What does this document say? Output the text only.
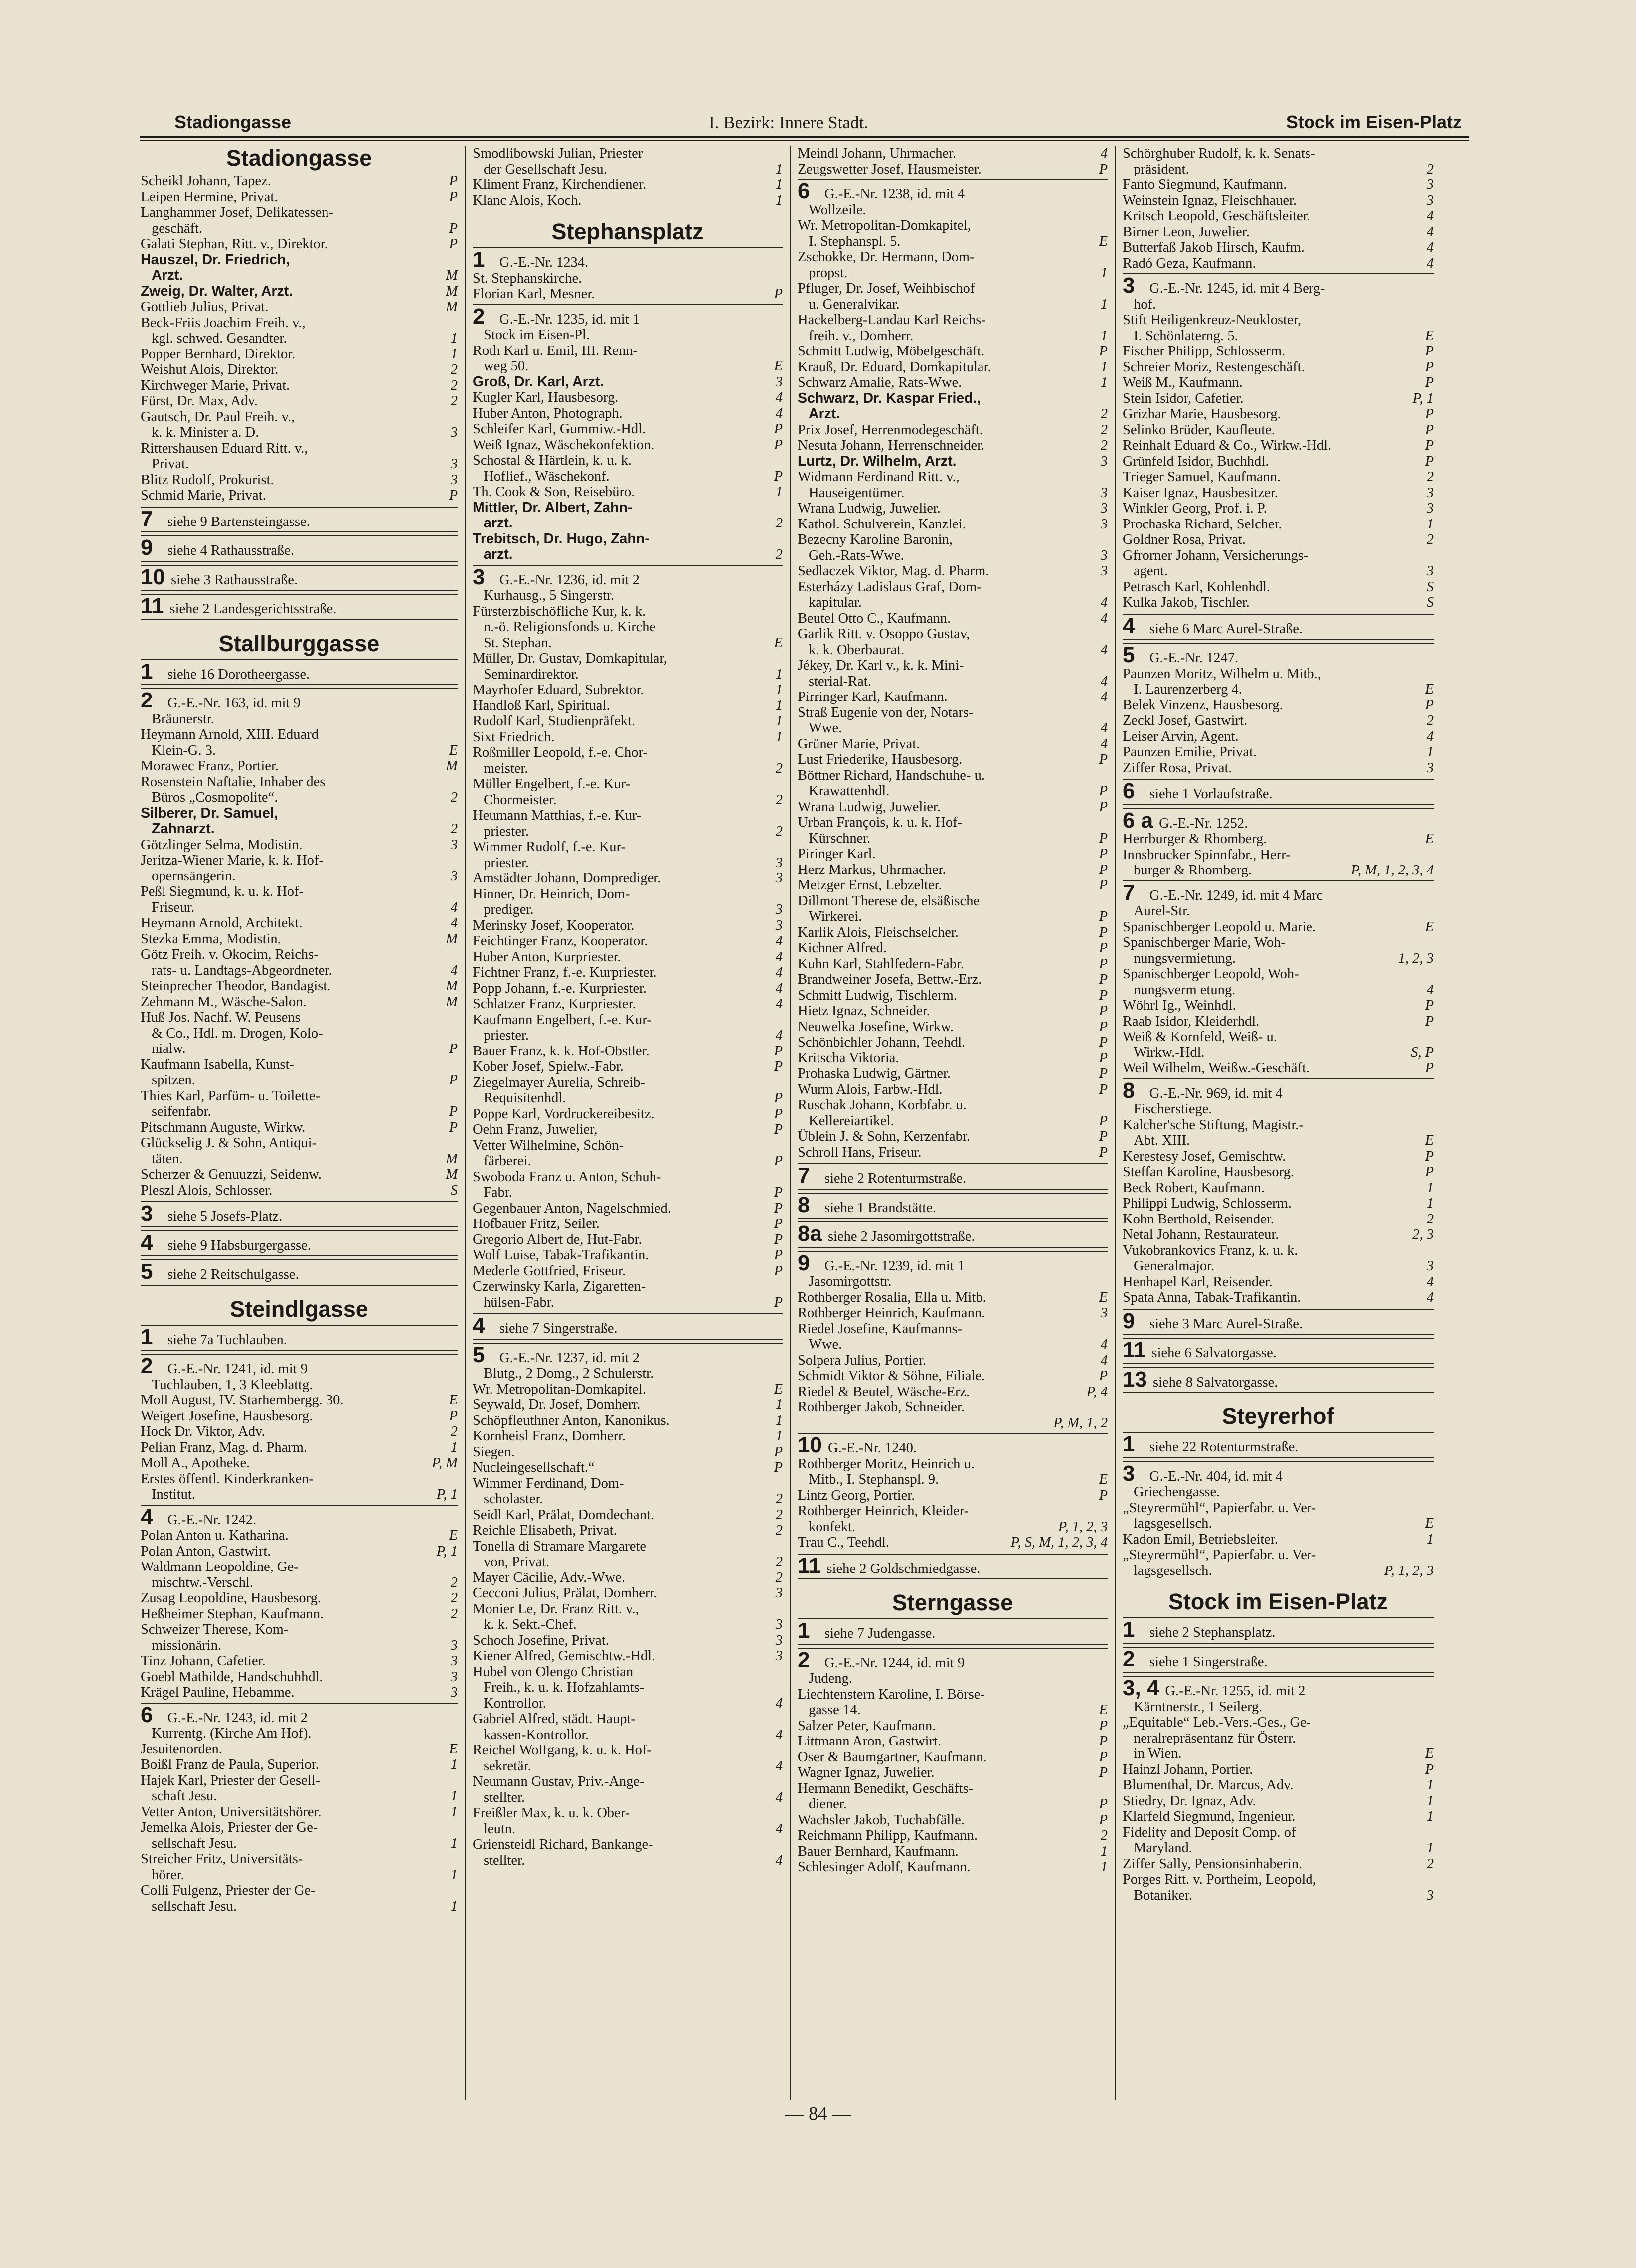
Stadiongasse	I. Bezirk: Innere Stadt.	Stock im Eisen-Platz
Stadiongasse
Scheikl Johann, Tapez.	P
Leipen Hermine, Privat.	P
Langhammer Josef, Delikatessen-
geschäft.	P
Galati Stephan, Ritt. v., Direktor.	P
Hauszel, Dr. Friedrich,
Arzt.	M
Zweig, Dr. Walter, Arzt.	M
Gottlieb Julius, Privat.	M
Beck-Friis Joachim Freih. v.,
kgl. schwed. Gesandter.	1
Popper Bernhard, Direktor.	1
Weishut Alois, Direktor.	2
Kirchweger Marie, Privat.	2
Fürst, Dr. Max, Adv.	2
Gautsch, Dr. Paul Freih. v.,
k. k. Minister a. D.	3
Rittershausen Eduard Ritt. v.,
Privat.	3
Blitz Rudolf, Prokurist.	3
Schmid Marie, Privat.	P
7	siehe 9 Bartensteingasse.
9	siehe 4 Rathausstraße.
10 siehe 3 Rathausstraße.
11 siehe 2 Landesgerichtsstraße.
Stallburggasse
1	siehe 16 Dorotheergasse.
2	G.-E.-Nr. 163, id. mit 9
Bräunerstr.
Heymann Arnold, XIII. Eduard
Klein-G. 3.	E
Morawec Franz, Portier.	M
Rosenstein Naftalie, Inhaber des
Büros „Cosmopolite“.	2
Silberer, Dr. Samuel,
Zahnarzt.	2
Götzlinger Selma, Modistin.	3
Jeritza-Wiener Marie, k. k. Hof-
opernsängerin.	3
Peßl Siegmund, k. u. k. Hof-
Friseur.	4
Heymann Arnold, Architekt.	4
Stezka Emma, Modistin.	M
Götz Freih. v. Okocim, Reichs-
rats- u. Landtags-Abgeordneter.	4
Steinprecher Theodor, Bandagist.	M
Zehmann M., Wäsche-Salon.	M
Huß Jos. Nachf. W. Peusens
& Co., Hdl. m. Drogen, Kolo-
nialw.	P
Kaufmann Isabella, Kunst-
spitzen.	P
Thies Karl, Parfüm- u. Toilette-
seifenfabr.	P
Pitschmann Auguste, Wirkw.	P
Glückselig J. & Sohn, Antiqui-
täten.	M
Scherzer & Genuuzzi, Seidenw.	M
Pleszl Alois, Schlosser.	S
3	siehe 5 Josefs-Platz.
4	siehe 9 Habsburgergasse.
5	siehe 2 Reitschulgasse.
Steindlgasse
1	siehe 7a Tuchlauben.
2	G.-E.-Nr. 1241, id. mit 9
Tuchlauben, 1, 3 Kleeblattg.
Moll August, IV. Starhembergg. 30.	E
Weigert Josefine, Hausbesorg.	P
Hock Dr. Viktor, Adv.	2
Pelian Franz, Mag. d. Pharm.	1
Moll A., Apotheke.	P, M
Erstes öffentl. Kinderkranken-
Institut.	P, 1
4	G.-E.-Nr. 1242.
Polan Anton u. Katharina.	E
Polan Anton, Gastwirt.	P, 1
Waldmann Leopoldine, Ge-
mischtw.-Verschl.	2
Zusag Leopoldine, Hausbesorg.	2
Heßheimer Stephan, Kaufmann.	2
Schweizer Therese, Kom-
missionärin.	3
Tinz Johann, Cafetier.	3
Goebl Mathilde, Handschuhhdl.	3
Krägel Pauline, Hebamme.	3
6	G.-E.-Nr. 1243, id. mit 2
Kurrentg. (Kirche Am Hof).
Jesuitenorden.	E
Boißl Franz de Paula, Superior.	1
Hajek Karl, Priester der Gesell-
schaft Jesu.	1
Vetter Anton, Universitätshörer.	1
Jemelka Alois, Priester der Ge-
sellschaft Jesu.	1
Streicher Fritz, Universitäts-
hörer.	1
Colli Fulgenz, Priester der Ge-
sellschaft Jesu.	1
Smodlibowski Julian, Priester
der Gesellschaft Jesu.	1
Kliment Franz, Kirchendiener.	1
Klanc Alois, Koch.	1
Stephansplatz
1	G.-E.-Nr. 1234.
St. Stephanskirche.
Florian Karl, Mesner.	P
2	G.-E.-Nr. 1235, id. mit 1
Stock im Eisen-Pl.
Roth Karl u. Emil, III. Renn-
weg 50.	E
Groß, Dr. Karl, Arzt.	3
Kugler Karl, Hausbesorg.	4
Huber Anton, Photograph.	4
Schleifer Karl, Gummiw.-Hdl.	P
Weiß Ignaz, Wäschekonfektion.	P
Schostal & Härtlein, k. u. k.
Hoflief., Wäschekonf.	P
Th. Cook & Son, Reisebüro.	1
Mittler, Dr. Albert, Zahn-
arzt.	2
Trebitsch, Dr. Hugo, Zahn-
arzt.	2
3	G.-E.-Nr. 1236, id. mit 2
Kurhausg., 5 Singerstr.
Fürsterzbischöfliche Kur, k. k.
n.-ö. Religionsfonds u. Kirche
St. Stephan.	E
Müller, Dr. Gustav, Domkapitular,
Seminardirektor.	1
Mayrhofer Eduard, Subrektor.	1
Handloß Karl, Spiritual.	1
Rudolf Karl, Studienpräfekt.	1
Sixt Friedrich.	1
Roßmiller Leopold, f.-e. Chor-
meister.	2
Müller Engelbert, f.-e. Kur-
Chormeister.	2
Heumann Matthias, f.-e. Kur-
priester.	2
Wimmer Rudolf, f.-e. Kur-
priester.	3
Amstädter Johann, Domprediger.	3
Hinner, Dr. Heinrich, Dom-
prediger.	3
Merinsky Josef, Kooperator.	3
Feichtinger Franz, Kooperator.	4
Huber Anton, Kurpriester.	4
Fichtner Franz, f.-e. Kurpriester.	4
Popp Johann, f.-e. Kurpriester.	4
Schlatzer Franz, Kurpriester.	4
Kaufmann Engelbert, f.-e. Kur-
priester.	4
Bauer Franz, k. k. Hof-Obstler.	P
Kober Josef, Spielw.-Fabr.	P
Ziegelmayer Aurelia, Schreib-
Requisitenhdl.	P
Poppe Karl, Vordruckereibesitz.	P
Oehn Franz, Juwelier,	P
Vetter Wilhelmine, Schön-
färberei.	P
Swoboda Franz u. Anton, Schuh-
Fabr.	P
Gegenbauer Anton, Nagelschmied.	P
Hofbauer Fritz, Seiler.	P
Gregorio Albert de, Hut-Fabr.	P
Wolf Luise, Tabak-Trafikantin.	P
Mederle Gottfried, Friseur.	P
Czerwinsky Karla, Zigaretten-
hülsen-Fabr.	P
4	siehe 7 Singerstraße.
5	G.-E.-Nr. 1237, id. mit 2
Blutg., 2 Domg., 2 Schulerstr.
Wr. Metropolitan-Domkapitel.	E
Seywald, Dr. Josef, Domherr.	1
Schöpfleuthner Anton, Kanonikus.	1
Kornheisl Franz, Domherr.	1
Siegen.	P
Nucleingesellschaft.“	P
Wimmer Ferdinand, Dom-
scholaster.	2
Seidl Karl, Prälat, Domdechant.	2
Reichle Elisabeth, Privat.	2
Tonella di Stramare Margarete
von, Privat.	2
Mayer Cäcilie, Adv.-Wwe.	2
Cecconi Julius, Prälat, Domherr.	3
Monier Le, Dr. Franz Ritt. v.,
k. k. Sekt.-Chef.	3
Schoch Josefine, Privat.	3
Kiener Alfred, Gemischtw.-Hdl.	3
Hubel von Olengo Christian
Freih., k. u. k. Hofzahlamts-
Kontrollor.	4
Gabriel Alfred, städt. Haupt-
kassen-Kontrollor.	4
Reichel Wolfgang, k. u. k. Hof-
sekretär.	4
Neumann Gustav, Priv.-Ange-
stellter.	4
Freißler Max, k. u. k. Ober-
leutn.	4
Griensteidl Richard, Bankange-
stellter.	4
Meindl Johann, Uhrmacher.	4
Zeugswetter Josef, Hausmeister.	P
6	G.-E.-Nr. 1238, id. mit 4
Wollzeile.
Wr. Metropolitan-Domkapitel,
I. Stephanspl. 5.	E
Zschokke, Dr. Hermann, Dom-
propst.	1
Pfluger, Dr. Josef, Weihbischof
u. Generalvikar.	1
Hackelberg-Landau Karl Reichs-
freih. v., Domherr.	1
Schmitt Ludwig, Möbelgeschäft.	P
Krauß, Dr. Eduard, Domkapitular.	1
Schwarz Amalie, Rats-Wwe.	1
Schwarz, Dr. Kaspar Fried.,
Arzt.	2
Prix Josef, Herrenmodegeschäft.	2
Nesuta Johann, Herrenschneider.	2
Lurtz, Dr. Wilhelm, Arzt.	3
Widmann Ferdinand Ritt. v.,
Hauseigentümer.	3
Wrana Ludwig, Juwelier.	3
Kathol. Schulverein, Kanzlei.	3
Bezecny Karoline Baronin,
Geh.-Rats-Wwe.	3
Sedlaczek Viktor, Mag. d. Pharm.	3
Esterházy Ladislaus Graf, Dom-
kapitular.	4
Beutel Otto C., Kaufmann.	4
Garlik Ritt. v. Osoppo Gustav,
k. k. Oberbaurat.	4
Jékey, Dr. Karl v., k. k. Mini-
sterial-Rat.	4
Pirringer Karl, Kaufmann.	4
Straß Eugenie von der, Notars-
Wwe.	4
Grüner Marie, Privat.	4
Lust Friederike, Hausbesorg.	P
Böttner Richard, Handschuhe- u.
Krawattenhdl.	P
Wrana Ludwig, Juwelier.	P
Urban François, k. u. k. Hof-
Kürschner.	P
Piringer Karl.	P
Herz Markus, Uhrmacher.	P
Metzger Ernst, Lebzelter.	P
Dillmont Therese de, elsäßische
Wirkerei.	P
Karlik Alois, Fleischselcher.	P
Kichner Alfred.	P
Kuhn Karl, Stahlfedern-Fabr.	P
Brandweiner Josefa, Bettw.-Erz.	P
Schmitt Ludwig, Tischlerm.	P
Hietz Ignaz, Schneider.	P
Neuwelka Josefine, Wirkw.	P
Schönbichler Johann, Teehdl.	P
Kritscha Viktoria.	P
Prohaska Ludwig, Gärtner.	P
Wurm Alois, Farbw.-Hdl.	P
Ruschak Johann, Korbfabr. u.
Kellereiartikel.	P
Üblein J. & Sohn, Kerzenfabr.	P
Schroll Hans, Friseur.	P
7	siehe 2 Rotenturmstraße.
8	siehe 1 Brandstätte.
8a siehe 2 Jasomirgottstraße.
9	G.-E.-Nr. 1239, id. mit 1
Jasomirgottstr.
Rothberger Rosalia, Ella u. Mitb.	E
Rothberger Heinrich, Kaufmann.	3
Riedel Josefine, Kaufmanns-
Wwe.	4
Solpera Julius, Portier.	4
Schmidt Viktor & Söhne, Filiale.	P
Riedel & Beutel, Wäsche-Erz.	P, 4
Rothberger Jakob, Schneider.
P, M, 1, 2
10 G.-E.-Nr. 1240.
Rothberger Moritz, Heinrich u.
Mitb., I. Stephanspl. 9.	E
Lintz Georg, Portier.	P
Rothberger Heinrich, Kleider-
konfekt.	P, 1, 2, 3
Trau C., Teehdl.	P, S, M, 1, 2, 3, 4
11 siehe 2 Goldschmiedgasse.
Sterngasse
1	siehe 7 Judengasse.
2	G.-E.-Nr. 1244, id. mit 9
Judeng.
Liechtenstern Karoline, I. Börse-
gasse 14.	E
Salzer Peter, Kaufmann.	P
Littmann Aron, Gastwirt.	P
Oser & Baumgartner, Kaufmann.	P
Wagner Ignaz, Juwelier.	P
Hermann Benedikt, Geschäfts-
diener.	P
Wachsler Jakob, Tuchabfälle.	P
Reichmann Philipp, Kaufmann.	2
Bauer Bernhard, Kaufmann.	1
Schlesinger Adolf, Kaufmann.	1
Schörghuber Rudolf, k. k. Senats-
präsident.	2
Fanto Siegmund, Kaufmann.	3
Weinstein Ignaz, Fleischhauer.	3
Kritsch Leopold, Geschäftsleiter.	4
Birner Leon, Juwelier.	4
Butterfaß Jakob Hirsch, Kaufm.	4
Radó Geza, Kaufmann.	4
3	G.-E.-Nr. 1245, id. mit 4 Berg-
hof.
Stift Heiligenkreuz-Neukloster,
I. Schönlaterng. 5.	E
Fischer Philipp, Schlosserm.	P
Schreier Moriz, Restengeschäft.	P
Weiß M., Kaufmann.	P
Stein Isidor, Cafetier.	P, 1
Grizhar Marie, Hausbesorg.	P
Selinko Brüder, Kaufleute.	P
Reinhalt Eduard & Co., Wirkw.-Hdl.	P
Grünfeld Isidor, Buchhdl.	P
Trieger Samuel, Kaufmann.	2
Kaiser Ignaz, Hausbesitzer.	3
Winkler Georg, Prof. i. P.	3
Prochaska Richard, Selcher.	1
Goldner Rosa, Privat.	2
Gfrorner Johann, Versicherungs-
agent.	3
Petrasch Karl, Kohlenhdl.	S
Kulka Jakob, Tischler.	S
4	siehe 6 Marc Aurel-Straße.
5	G.-E.-Nr. 1247.
Paunzen Moritz, Wilhelm u. Mitb.,
I. Laurenzerberg 4.	E
Belek Vinzenz, Hausbesorg.	P
Zeckl Josef, Gastwirt.	2
Leiser Arvin, Agent.	4
Paunzen Emilie, Privat.	1
Ziffer Rosa, Privat.	3
6	siehe 1 Vorlaufstraße.
6 a G.-E.-Nr. 1252.
Herrburger & Rhomberg.	E
Innsbrucker Spinnfabr., Herr-
burger & Rhomberg.	P, M, 1, 2, 3, 4
7	G.-E.-Nr. 1249, id. mit 4 Marc
Aurel-Str.
Spanischberger Leopold u. Marie.	E
Spanischberger Marie, Woh-
nungsvermietung.	1, 2, 3
Spanischberger Leopold, Woh-
nungsverm etung.	4
Wöhrl Ig., Weinhdl.	P
Raab Isidor, Kleiderhdl.	P
Weiß & Kornfeld, Weiß- u.
Wirkw.-Hdl.	S, P
Weil Wilhelm, Weißw.-Geschäft.	P
8	G.-E.-Nr. 969, id. mit 4
Fischerstiege.
Kalcher'sche Stiftung, Magistr.-
Abt. XIII.	E
Kerestesy Josef, Gemischtw.	P
Steffan Karoline, Hausbesorg.	P
Beck Robert, Kaufmann.	1
Philippi Ludwig, Schlosserm.	1
Kohn Berthold, Reisender.	2
Netal Johann, Restaurateur.	2, 3
Vukobrankovics Franz, k. u. k.
Generalmajor.	3
Henhapel Karl, Reisender.	4
Spata Anna, Tabak-Trafikantin.	4
9	siehe 3 Marc Aurel-Straße.
11 siehe 6 Salvatorgasse.
13 siehe 8 Salvatorgasse.
Steyrerhof
1	siehe 22 Rotenturmstraße.
3	G.-E.-Nr. 404, id. mit 4
Griechengasse.
„Steyrermühl“, Papierfabr. u. Ver-
lagsgesellsch.	E
Kadon Emil, Betriebsleiter.	1
„Steyrermühl“, Papierfabr. u. Ver-
lagsgesellsch.	P, 1, 2, 3
Stock im Eisen-Platz
1	siehe 2 Stephansplatz.
2	siehe 1 Singerstraße.
3, 4 G.-E.-Nr. 1255, id. mit 2
Kärntnerstr., 1 Seilerg.
„Equitable“ Leb.-Vers.-Ges., Ge-
neralrepräsentanz für Österr.
in Wien.	E
Hainzl Johann, Portier.	P
Blumenthal, Dr. Marcus, Adv.	1
Stiedry, Dr. Ignaz, Adv.	1
Klarfeld Siegmund, Ingenieur.	1
Fidelity and Deposit Comp. of
Maryland.	1
Ziffer Sally, Pensionsinhaberin.	2
Porges Ritt. v. Portheim, Leopold,
Botaniker.	3
— 84 —
